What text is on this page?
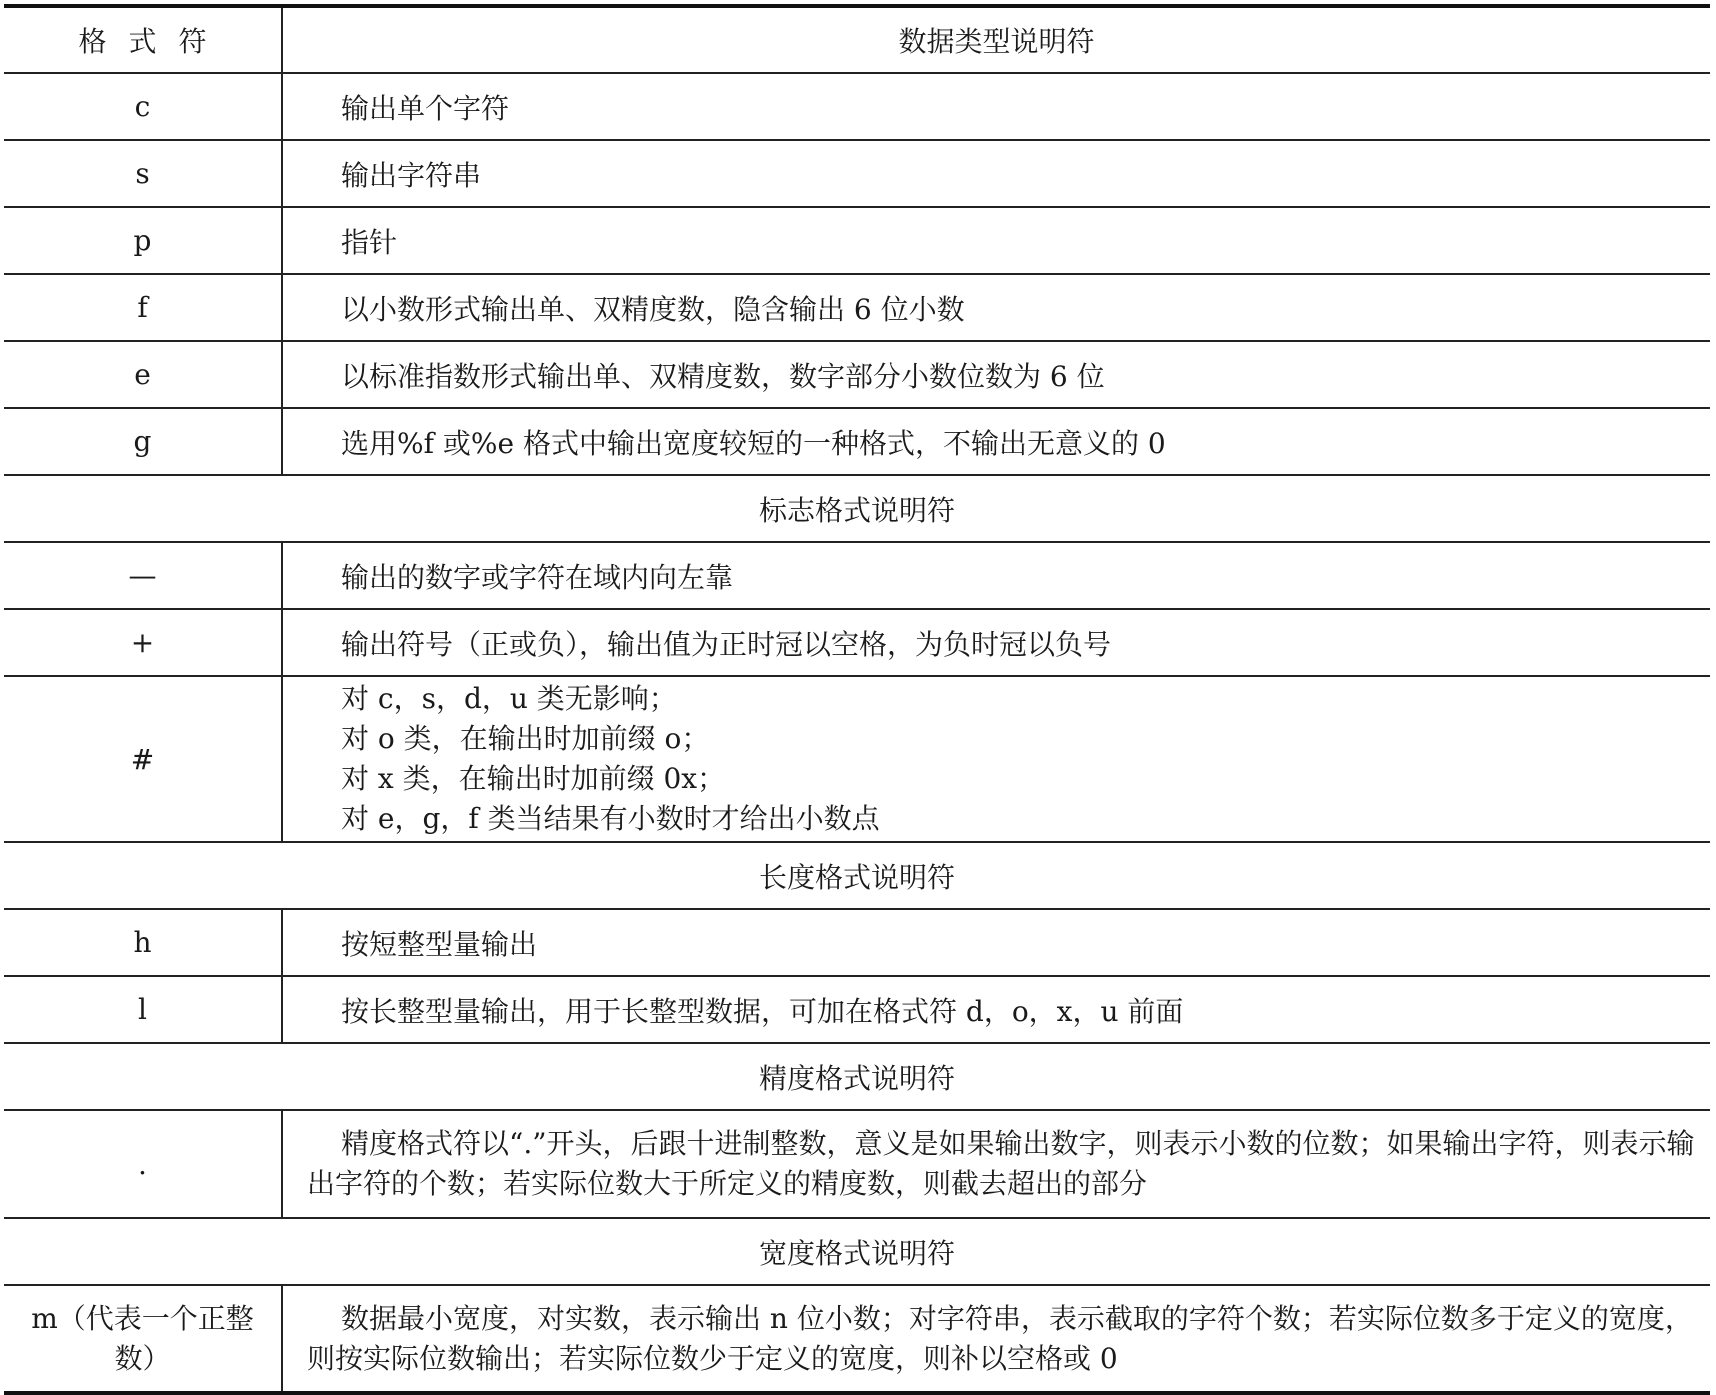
格式符	数据类型说明符
c	输出单个字符
s	输出字符串
p	指针
f	以小数形式输出单、双精度数，隐含输出 6 位小数
e	以标准指数形式输出单、双精度数，数字部分小数位数为 6 位
g	选用%f 或%e 格式中输出宽度较短的一种格式，不输出无意义的 0
标志格式说明符	
—	输出的数字或字符在域内向左靠
+	输出符号（正或负），输出值为正时冠以空格，为负时冠以负号
#	对 c，s，d，u 类无影响；
对 o 类，在输出时加前缀 o；
对 x 类，在输出时加前缀 0x；
对 e，g，f 类当结果有小数时才给出小数点

长度格式说明符	
h	按短整型量输出
l	按长整型量输出，用于长整型数据，可加在格式符 d，o，x，u 前面
精度格式说明符	
.	精度格式符以“.”开头，后跟十进制整数，意义是如果输出数字，则表示小数的位数；如果输出字符，则表示输出字符的个数；若实际位数大于所定义的精度数，则截去超出的部分
宽度格式说明符	
m（代表一个正整数）	数据最小宽度，对实数，表示输出 n 位小数；对字符串，表示截取的字符个数；若实际位数多于定义的宽度，则按实际位数输出；若实际位数少于定义的宽度，则补以空格或 0
